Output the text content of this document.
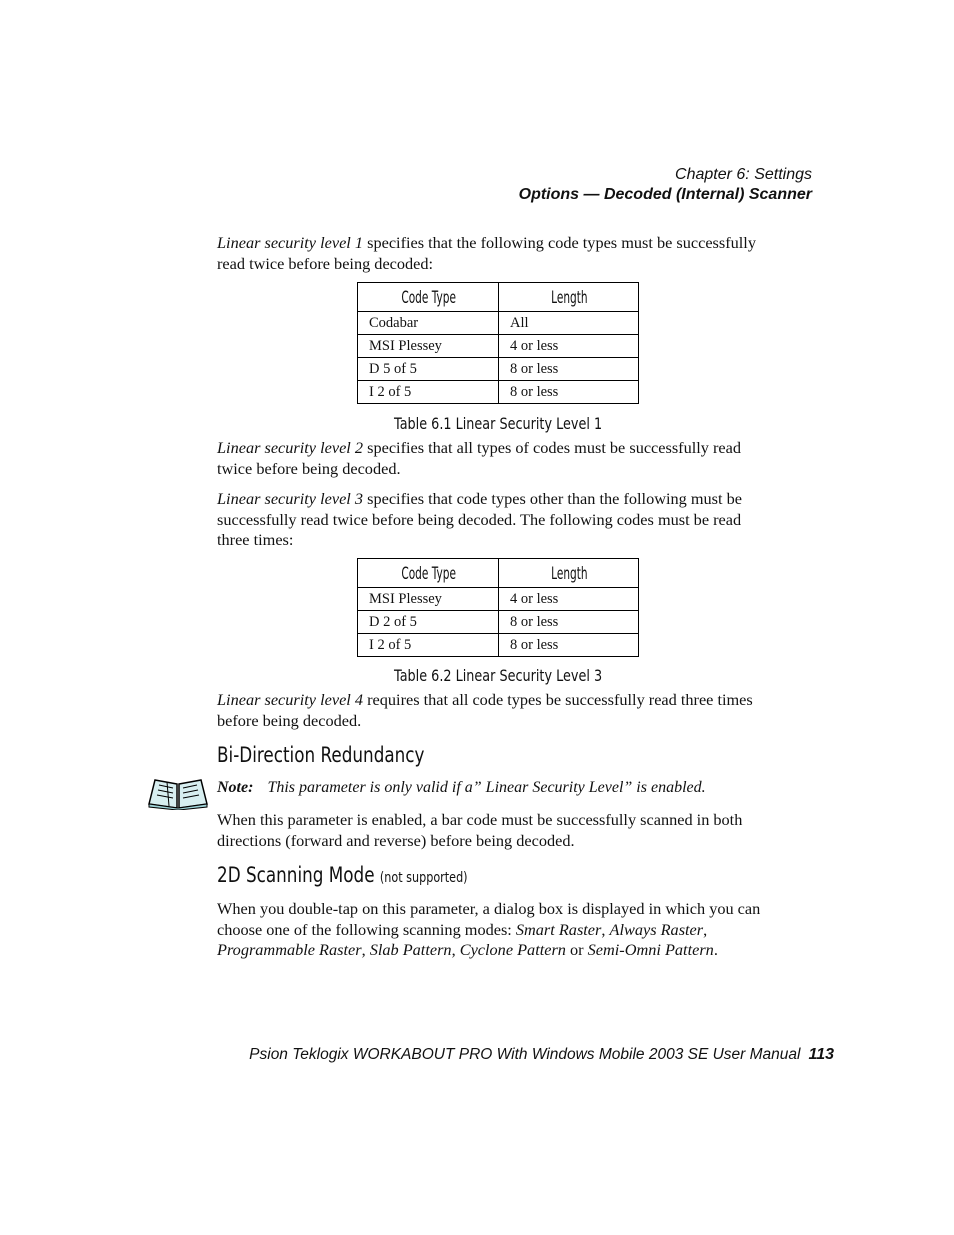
Chapter 6: Settings
Options — Decoded (Internal) Scanner
Linear security level 1 specifies that the following code types must be successfully
read twice before being decoded:
Code Type	Length
Codabar	All
MSI Plessey	4 or less
D 5 of 5	8 or less
I 2 of 5	8 or less
Table 6.1 Linear Security Level 1
Linear security level 2 specifies that all types of codes must be successfully read
twice before being decoded.
Linear security level 3 specifies that code types other than the following must be
successfully read twice before being decoded. The following codes must be read
three times:
Code Type	Length
MSI Plessey	4 or less
D 2 of 5	8 or less
I 2 of 5	8 or less
Table 6.2 Linear Security Level 3
Linear security level 4 requires that all code types be successfully read three times
before being decoded.
Bi-Direction Redundancy
Note: This parameter is only valid if a” Linear Security Level” is enabled.
When this parameter is enabled, a bar code must be successfully scanned in both
directions (forward and reverse) before being decoded.
2D Scanning Mode (not supported)
When you double-tap on this parameter, a dialog box is displayed in which you can
choose one of the following scanning modes: Smart Raster, Always Raster,
Programmable Raster, Slab Pattern, Cyclone Pattern or Semi-Omni Pattern.
Psion Teklogix WORKABOUT PRO With Windows Mobile 2003 SE User Manual 113
